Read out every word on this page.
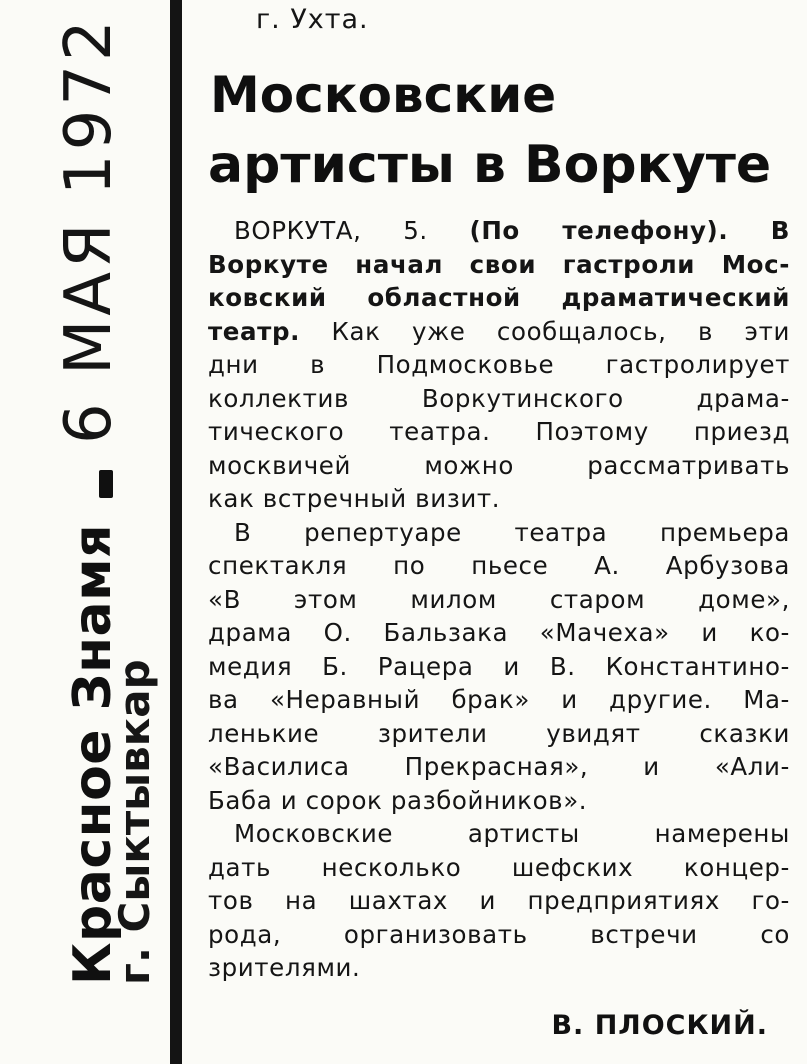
Красное Знамя6 МАЯ 1972
г. Сыктывкар
г. Ухта.
Московские
артисты в Воркуте
ВОРКУТА, 5. (По телефону). В
Воркуте начал свои гастроли Мос-
ковский областной драматический
театр. Как уже сообщалось, в эти
дни в Подмосковье гастролирует
коллектив Воркутинского драма-
тического театра. Поэтому приезд
москвичей можно рассматривать
как встречный визит.
В репертуаре театра премьера
спектакля по пьесе А. Арбузова
«В этом милом старом доме»,
драма О. Бальзака «Мачеха» и ко-
медия Б. Рацера и В. Константино-
ва «Неравный брак» и другие. Ма-
ленькие зрители увидят сказки
«Василиса Прекрасная», и «Али-
Баба и сорок разбойников».
Московские артисты намерены
дать несколько шефских концер-
тов на шахтах и предприятиях го-
рода, организовать встречи со
зрителями.
В. ПЛОСКИЙ.
